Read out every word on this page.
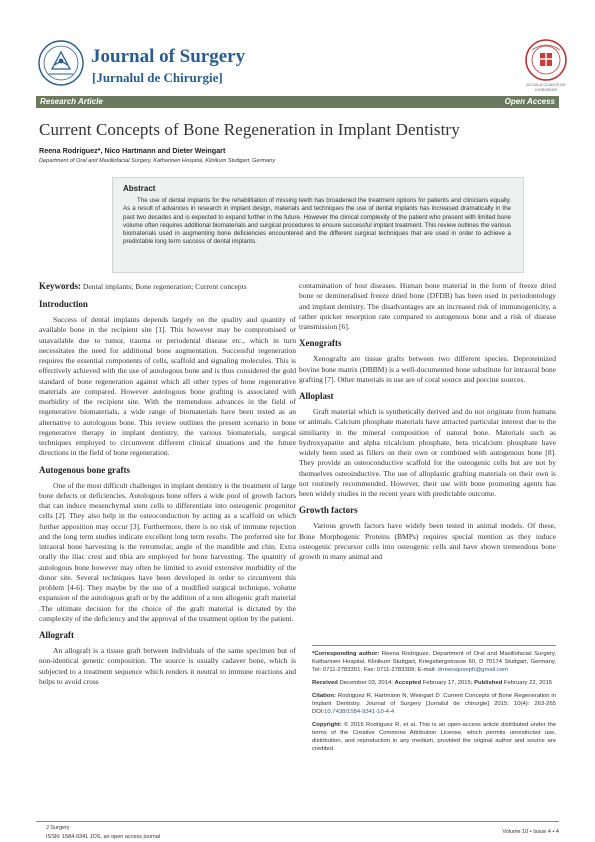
Journal of Surgery
[Jurnalul de Chirurgie]	ŞCOALA CLINICĂ DE CHIRURGIE
Research Article	Open Access
Current Concepts of Bone Regeneration in Implant Dentistry
Reena Rodriguez*, Nico Hartmann and Dieter Weingart
Department of Oral and Maxillofacial Surgery, Katharinen Hospital, Klinikum Stuttgart, Germany
Abstract

The use of dental implants for the rehabilitation of missing teeth has broadened the treatment options for patients and clinicians equally. As a result of advances in research in implant design, materials and techniques the use of dental implants has increased dramatically in the past two decades and is expected to expand further in the future. However the clinical complexity of the patient who present with limited bone volume often requires additional biomaterials and surgical procedures to ensure successful implant treatment. This review outlines the various biomaterials used in augmenting bone deficiencies encountered and the different surgical techniques that are used in order to achieve a predictable long term success of dental implants.

Keywords: Dental implants; Bone regeneration; Current concepts

Introduction

Success of dental implants depends largely on the quality and quantity of available bone in the recipient site [1]. This however may be compromised or unavailable due to tumor, trauma or periodental disease etc., which in turn necessitates the need for additional bone augmentation. Successful regeneration requires the essential components of cells, scaffold and signaling molecules. This is effectively achieved with the use of autologous bone and is thus considered the gold standard of bone regeneration against which all other types of bone regenerative materials are compared. However autologous bone grafting is associated with morbidity of the recipient site. With the tremendous advances in the field of regenerative biomaterials, a wide range of biomaterials have been tested as an alternative to autologous bone. This review outlines the present scenario in bone regenerative therapy in implant dentistry, the various biomaterials, surgical techniques employed to circumvent different clinical situations and the future directions in the field of bone regeneration.

Autogenous bone grafts

One of the most difficult challenges in implant dentistry is the treatment of large bone defects or deficiencies. Autologous bone offers a wide pool of growth factors that can induce mesenchymal stem cells to differentiate into osteogenic progenitor cells [2]. They also help in the osteoconduction by acting as a scaffold on which further apposition may occur [3]. Furthermore, there is no risk of immune rejection and the long term studies indicate excellent long term results. The preferred site for intraoral bone harvesting is the retromolar, angle of the mandible and chin. Extra orally the iliac crest and tibia are employed for bone harvesting. The quantity of autologous bone however may often be limited to avoid extensive morbidity of the donor site. Several techniques have been developed in order to circumvent this problem [4-6]. They maybe by the use of a modified surgical technique, volume expansion of the autologous graft or by the addition of a non allogenic graft material .The ultimate decision for the choice of the graft material is dictated by the complexity of the deficiency and the approval of the treatment option by the patient.

Allograft

An allograft is a tissue graft between individuals of the same specimen but of non-identical genetic composition. The source is usually cadaver bone, which is subjected to a treatment sequence which renders it neutral to immune reactions and helps to avoid cross

contamination of host diseases. Human bone material in the form of freeze dried bone or demineralised freeze dried bone (DFDB) has been used in periodontology and implant dentistry. The disadvantages are an increased risk of immunogenicity, a rather quicker resorption rate compared to autogenous bone and a risk of disease transmission [6].

Xenografts

Xenografts are tissue grafts between two different species. Deproteinized bovine bone matrix (DBBM) is a well-documented bone substitute for intraoral bone grafting [7]. Other materials in use are of coral source and porcine sources.

Alloplast

Graft material which is synthetically derived and do not originate from humans or animals. Calcium phosphate materials have attracted particular interest due to the similiarity in the mineral composition of natural bone. Materials such as hydroxyapatite and alpha tricalcium phosphate, beta tricalcium phosphate have widely been used as fillers on their own or combined with autogenous bone [8]. They provide an osteoconductive scaffold for the osteogenic cells but are not by themselves osteoinductive. The use of alloplastic grafting materials on their own is not routinely recommended. However, their use with bone promoting agents has been widely studies in the recent years with predictable outcome.

Growth factors

Various growth factors have widely been tested in animal models. Of these, Bone Morphogenic Proteins (BMPs) requires special mention as they induce osteogenic precursor cells into osteogenic cells and have shown tremendous bone growth in many animal and

*Corresponding author: Reena Rodriguez, Department of Oral and Maxillofacial Surgery, Katharinen Hospital, Klinikum Stuttgart, Kriegsbergstrasse 60, D 70174 Stuttgart, Germany, Tel: 0711-2783301; Fax: 0711-2783309; E-mail: drreenajoseph@gmail.com

Received December 03, 2014; Accepted February 17, 2015; Published February 22, 2015

Citation: Rodriguez R, Hartmann N, Weingart D .Current Concepts of Bone Regeneration in Implant Dentistry. Journal of Surgery [Jurnalul de chirurgie] 2015; 10(4): 263-265 DOI:10.7438/1584-9341-10-4-4

Copyright: © 2015 Rodriguez R, et al. This is an open-access article distributed under the terms of the Creative Commons Attribution License, which permits unrestricted use, distribution, and reproduction in any medium, provided the original author and source are credited.

J Surgery
ISSN: 1584-9341 JOS, an open access journal
Volume 10 • Issue 4 • 4
